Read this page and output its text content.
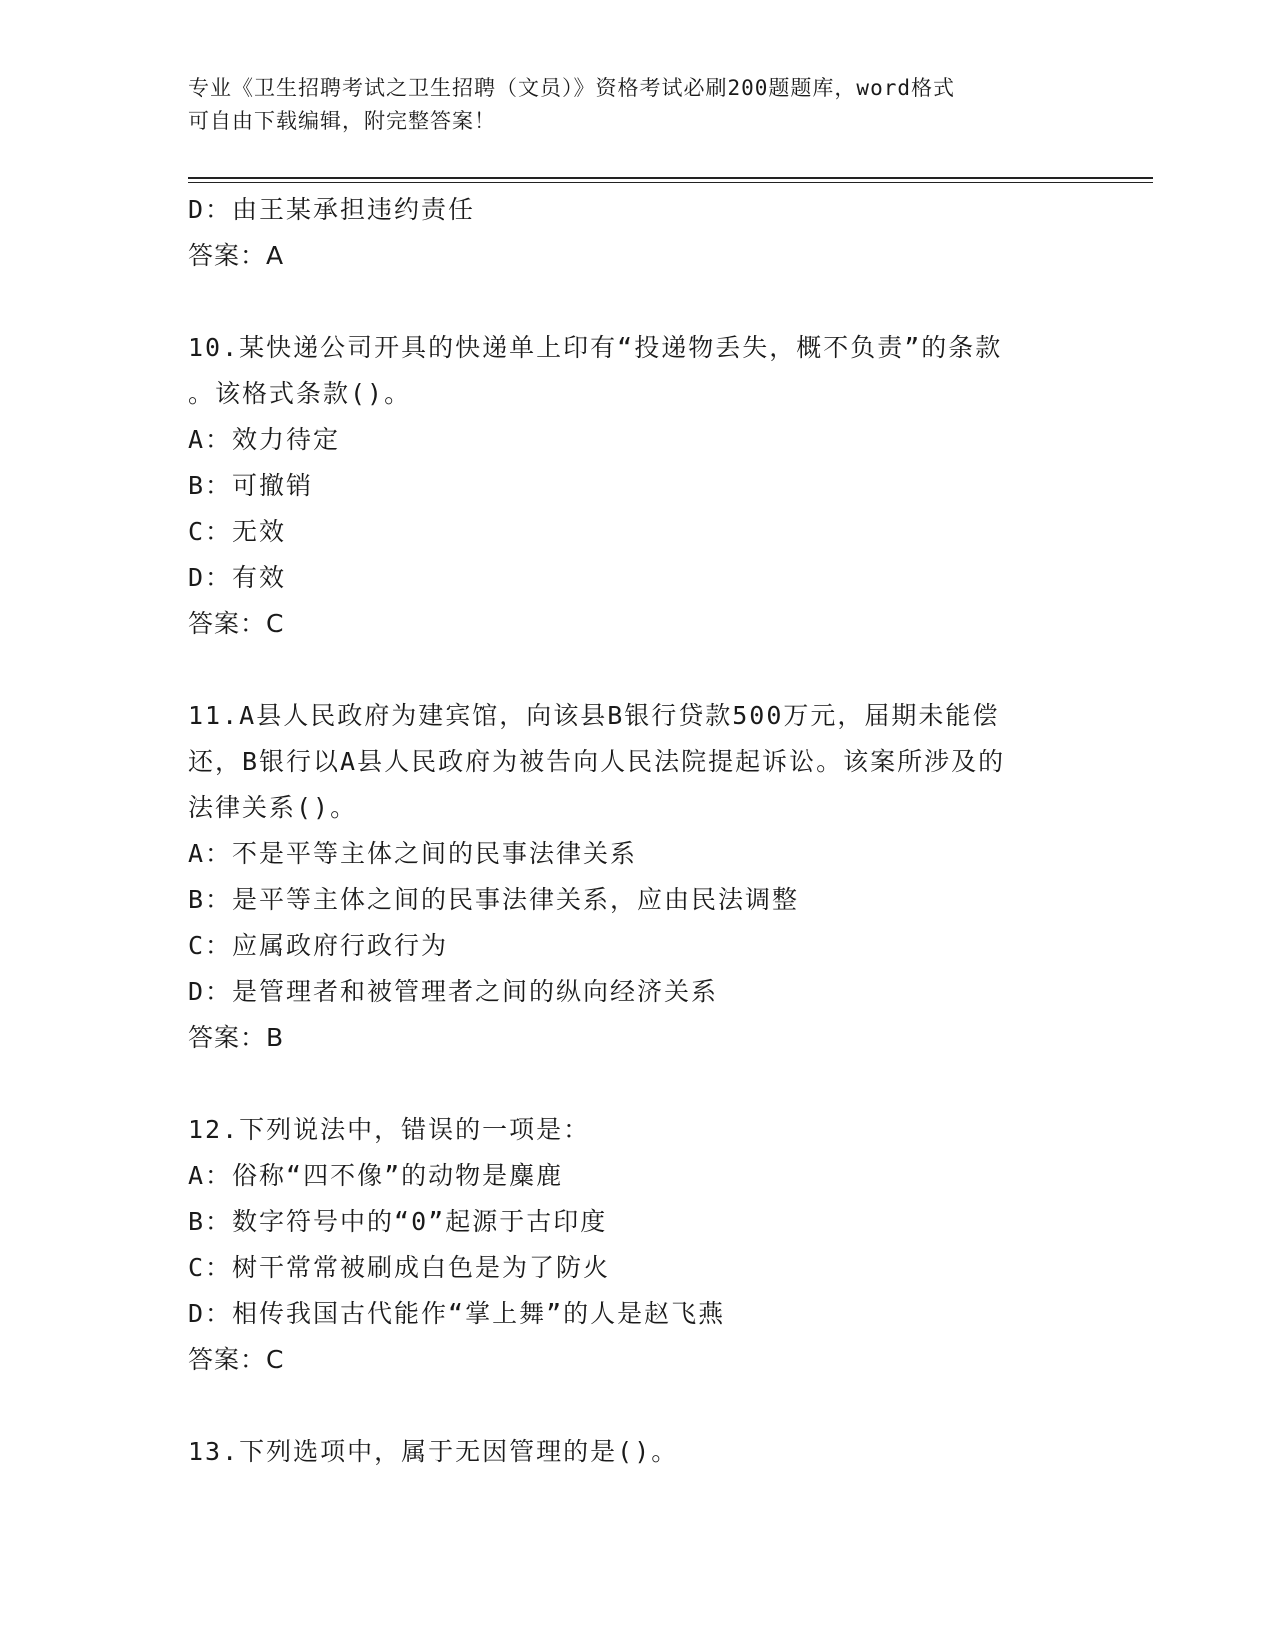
专业《卫生招聘考试之卫生招聘（文员）》资格考试必刷200题题库，word格式
可自由下载编辑，附完整答案！

D：由王某承担违约责任

答案：A

10.某快递公司开具的快递单上印有“投递物丢失，概不负责”的条款

。该格式条款()。

A：效力待定

B：可撤销

C：无效

D：有效

答案：C

11.A县人民政府为建宾馆，向该县B银行贷款500万元，届期未能偿

还，B银行以A县人民政府为被告向人民法院提起诉讼。该案所涉及的

法律关系()。

A：不是平等主体之间的民事法律关系

B：是平等主体之间的民事法律关系，应由民法调整

C：应属政府行政行为

D：是管理者和被管理者之间的纵向经济关系

答案：B

12.下列说法中，错误的一项是：

A：俗称“四不像”的动物是麋鹿

B：数字符号中的“0”起源于古印度

C：树干常常被刷成白色是为了防火

D：相传我国古代能作“掌上舞”的人是赵飞燕

答案：C

13.下列选项中，属于无因管理的是()。
